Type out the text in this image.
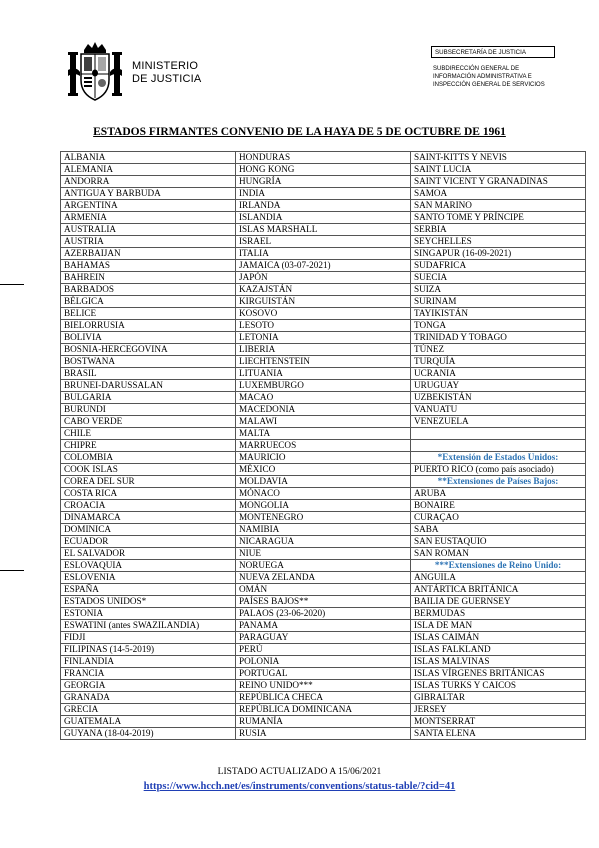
MINISTERIO
DE JUSTICIA
SUBSECRETARÍA DE JUSTICIA
SUBDIRECCIÓN GENERAL DE
INFORMACIÓN ADMINISTRATIVA E
INSPECCIÓN GENERAL DE SERVICIOS
ESTADOS FIRMANTES CONVENIO DE LA HAYA DE 5 DE OCTUBRE DE 1961
ALBANIA	HONDURAS	SAINT-KITTS Y NEVIS
ALEMANIA	HONG KONG	SAINT LUCIA
ANDORRA	HUNGRÍA	SAINT VICENT Y GRANADINAS
ANTIGUA Y BARBUDA	INDIA	SAMOA
ARGENTINA	IRLANDA	SAN MARINO
ARMENIA	ISLANDIA	SANTO TOME Y PRÍNCIPE
AUSTRALIA	ISLAS MARSHALL	SERBIA
AUSTRIA	ISRAEL	SEYCHELLES
AZERBAIJAN	ITALIA	SINGAPUR (16-09-2021)
BAHAMAS	JAMAICA (03-07-2021)	SUDAFRICA
BAHREIN	JAPÓN	SUECIA
BARBADOS	KAZAJSTÁN	SUIZA
BÉLGICA	KIRGUISTÁN	SURINAM
BELICE	KOSOVO	TAYIKISTÁN
BIELORRUSIA	LESOTO	TONGA
BOLIVIA	LETONIA	TRINIDAD Y TOBAGO
BOSNIA-HERCEGOVINA	LIBERIA	TÚNEZ
BOSTWANA	LIECHTENSTEIN	TURQUÍA
BRASIL	LITUANIA	UCRANIA
BRUNEI-DARUSSALAN	LUXEMBURGO	URUGUAY
BULGARIA	MACAO	UZBEKISTÁN
BURUNDI	MACEDONIA	VANUATU
CABO VERDE	MALAWI	VENEZUELA
CHILE	MALTA	
CHIPRE	MARRUECOS	
COLOMBIA	MAURICIO	*Extensión de Estados Unidos:
COOK ISLAS	MÉXICO	PUERTO RICO (como país asociado)
COREA DEL SUR	MOLDAVIA	**Extensiones de Países Bajos:
COSTA RICA	MÓNACO	ARUBA
CROACIA	MONGOLIA	BONAIRE
DINAMARCA	MONTENEGRO	CURAÇAO
DOMINICA	NAMIBIA	SABA
ECUADOR	NICARAGUA	SAN EUSTAQUIO
EL SALVADOR	NIUE	SAN ROMAN
ESLOVAQUIA	NORUEGA	***Extensiones de Reino Unido:
ESLOVENIA	NUEVA ZELANDA	ANGUILA
ESPAÑA	OMÁN	ANTÁRTICA BRITÁNICA
ESTADOS UNIDOS*	PAÍSES BAJOS**	BAILIA DE GUERNSEY
ESTONIA	PALAOS (23-06-2020)	BERMUDAS
ESWATINI (antes SWAZILANDIA)	PANAMA	ISLA DE MAN
FIDJI	PARAGUAY	ISLAS CAIMÁN
FILIPINAS (14-5-2019)	PERÚ	ISLAS FALKLAND
FINLANDIA	POLONIA	ISLAS MALVINAS
FRANCIA	PORTUGAL	ISLAS VÍRGENES BRITÁNICAS
GEORGIA	REINO UNIDO***	ISLAS TURKS Y CAICOS
GRANADA	REPÚBLICA CHECA	GIBRALTAR
GRECIA	REPÚBLICA DOMINICANA	JERSEY
GUATEMALA	RUMANÍA	MONTSERRAT
GUYANA (18-04-2019)	RUSIA	SANTA ELENA
LISTADO ACTUALIZADO A 15/06/2021
https://www.hcch.net/es/instruments/conventions/status-table/?cid=41
